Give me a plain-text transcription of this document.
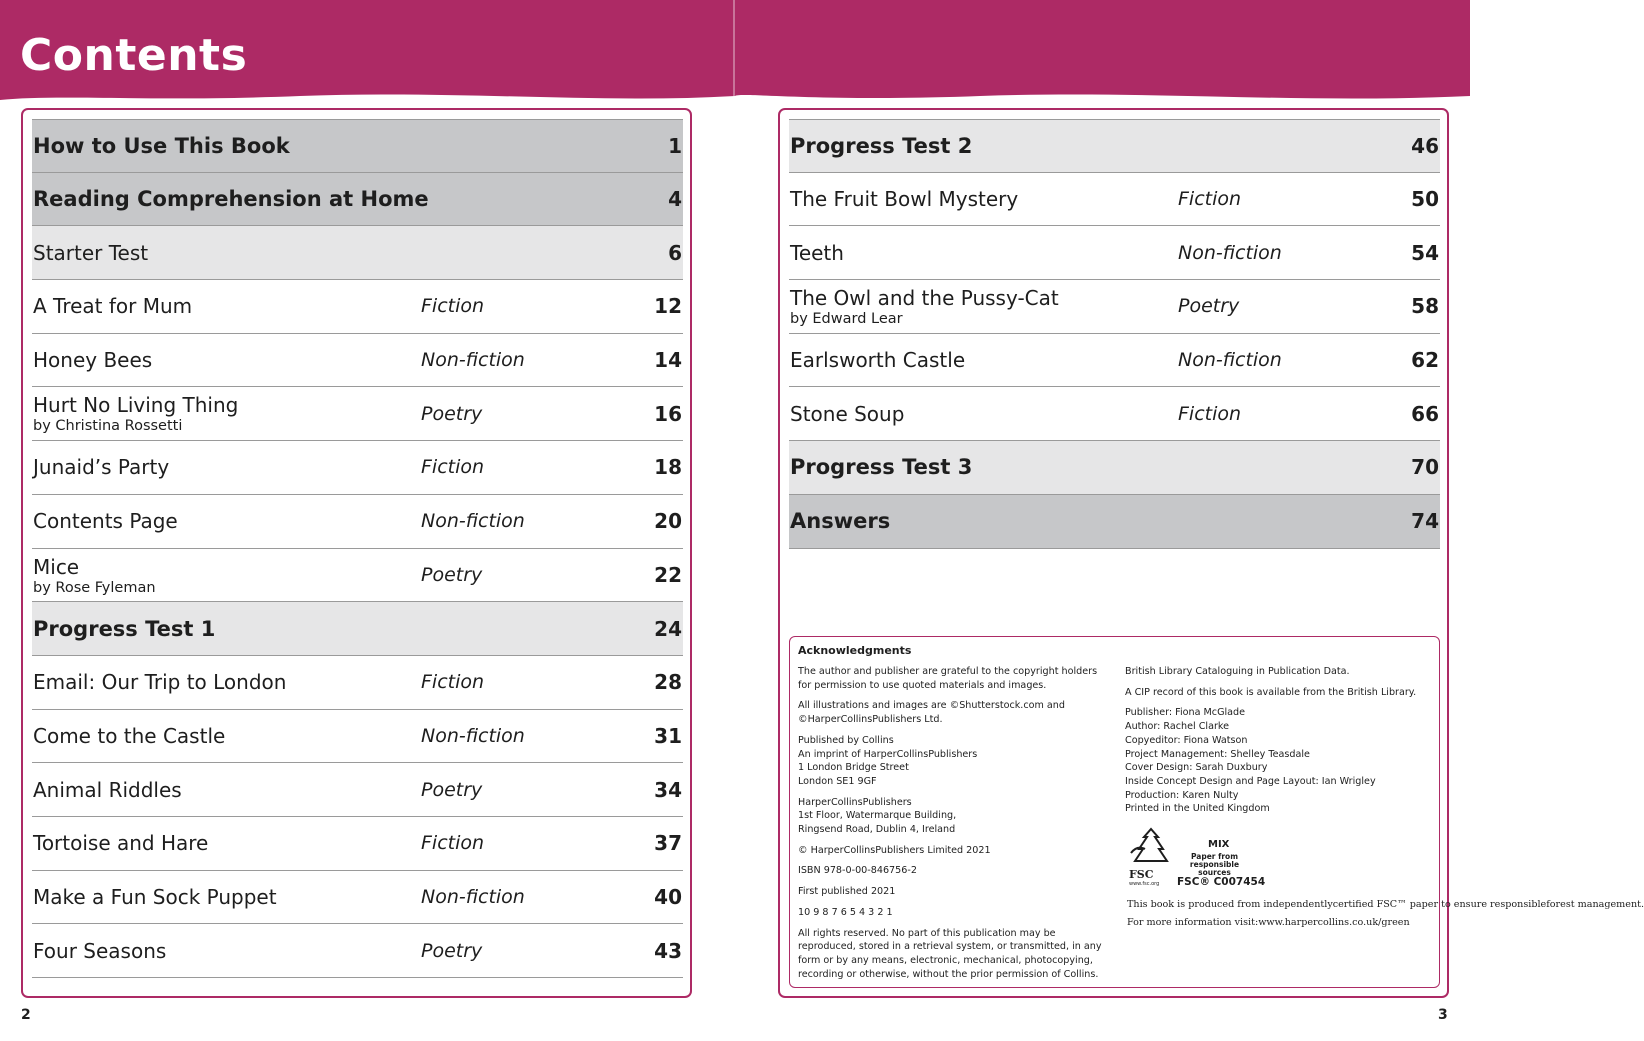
Contents
How to Use This Book	1
Reading Comprehension at Home	4
Starter Test	6
A Treat for Mum	Fiction	12
Honey Bees	Non-fiction	14
Hurt No Living Thing
by Christina Rossetti
Poetry	16
Junaid’s Party	Fiction	18
Contents Page	Non-fiction	20
Mice
by Rose Fyleman
Poetry	22
Progress Test 1	24
Email: Our Trip to London	Fiction	28
Come to the Castle	Non-fiction	31
Animal Riddles	Poetry	34
Tortoise and Hare	Fiction	37
Make a Fun Sock Puppet	Non-fiction	40
Four Seasons	Poetry	43
Progress Test 2	46
The Fruit Bowl Mystery	Fiction	50
Teeth	Non-fiction	54
The Owl and the Pussy-Cat
by Edward Lear
Poetry	58
Earlsworth Castle	Non-fiction	62
Stone Soup	Fiction	66
Progress Test 3	70
Answers	74
Acknowledgments

The author and publisher are grateful to the copyright holders
for permission to use quoted materials and images.

All illustrations and images are ©Shutterstock.com and
©HarperCollinsPublishers Ltd.

Published by Collins
An imprint of HarperCollinsPublishers
1 London Bridge Street
London SE1 9GF

HarperCollinsPublishers
1st Floor, Watermarque Building,
Ringsend Road, Dublin 4, Ireland

© HarperCollinsPublishers Limited 2021

ISBN 978-0-00-846756-2

First published 2021

10 9 8 7 6 5 4 3 2 1

All rights reserved. No part of this publication may be
reproduced, stored in a retrieval system, or transmitted, in any
form or by any means, electronic, mechanical, photocopying,
recording or otherwise, without the prior permission of Collins.

British Library Cataloguing in Publication Data.

A CIP record of this book is available from the British Library.

Publisher: Fiona McGlade
Author: Rachel Clarke
Copyeditor: Fiona Watson
Project Management: Shelley Teasdale
Cover Design: Sarah Duxbury
Inside Concept Design and Page Layout: Ian Wrigley
Production: Karen Nulty
Printed in the United Kingdom

FSC
www.fsc.org
MIX
Paper from
responsible sources
FSC® C007454

This book is produced from independentlycertified FSC™ paper to ensure responsibleforest management.

For more information visit:www.harpercollins.co.uk/green

2	3
